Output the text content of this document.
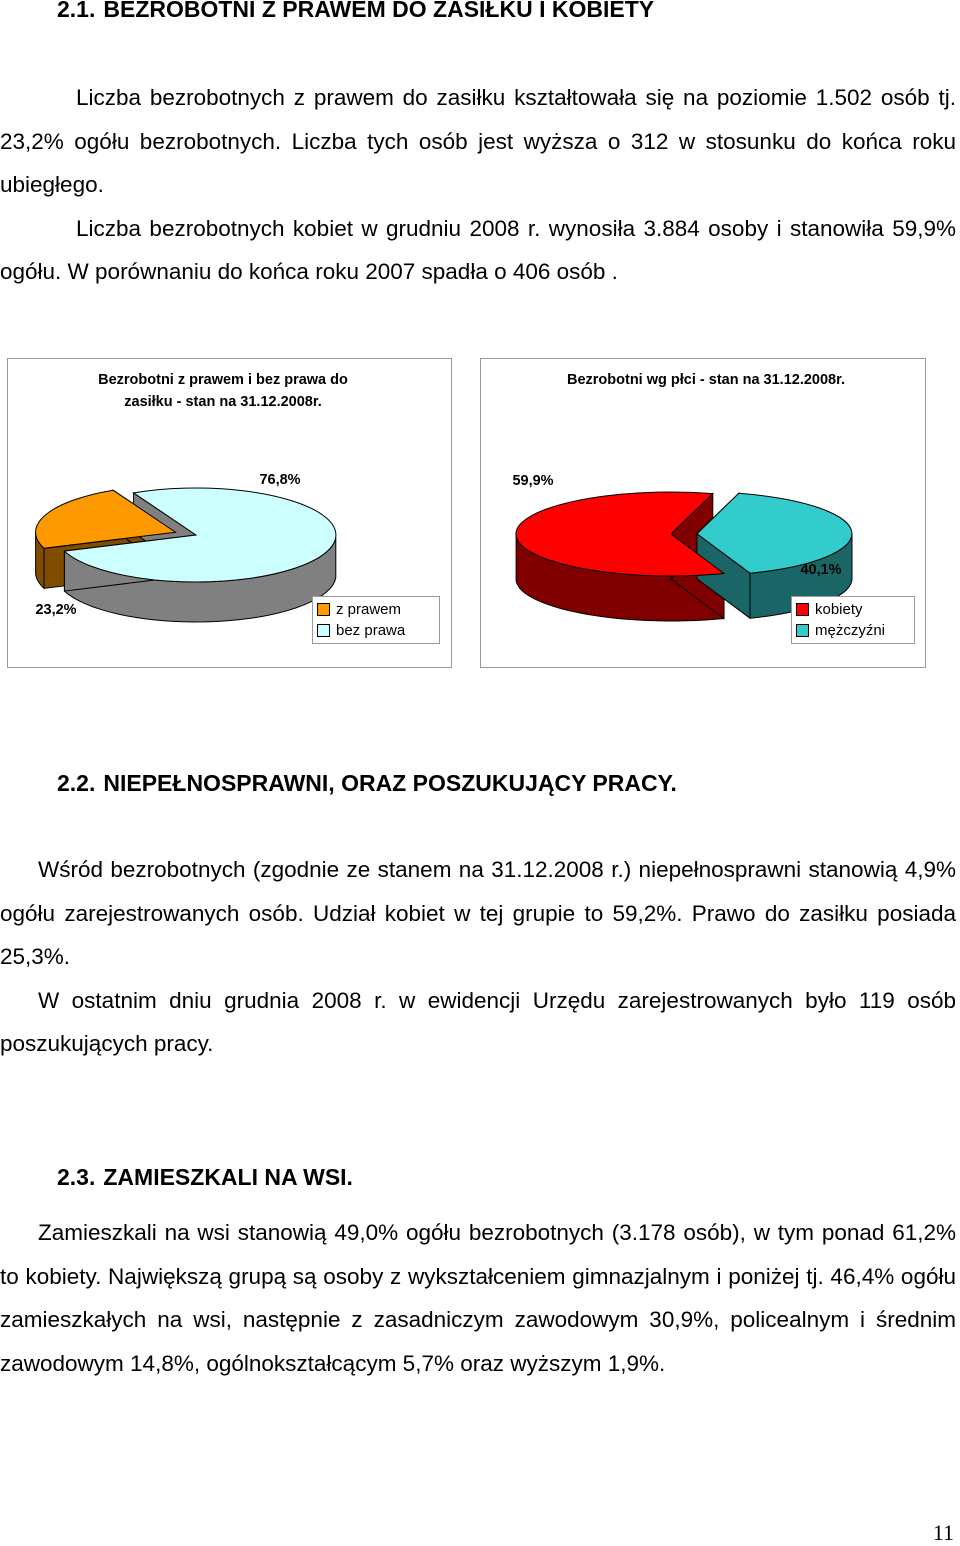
2.1. BEZROBOTNI Z PRAWEM DO ZASIŁKU I KOBIETY

Liczba bezrobotnych z prawem do zasiłku kształtowała się na poziomie 1.502 osób tj. 23,2% ogółu bezrobotnych. Liczba tych osób jest wyższa o 312 w stosunku do końca roku ubiegłego.

Liczba bezrobotnych kobiet w grudniu 2008 r. wynosiła 3.884 osoby i stanowiła 59,9% ogółu. W porównaniu do końca roku 2007 spadła o 406 osób .

Bezrobotni z prawem i bez prawa do
zasiłku - stan na 31.12.2008r.
23,2%
76,8%
z prawem
bez prawa
Bezrobotni wg płci - stan na 31.12.2008r.
59,9%
40,1%
kobiety
mężczyźni
2.2. NIEPEŁNOSPRAWNI, ORAZ POSZUKUJĄCY PRACY.

Wśród bezrobotnych (zgodnie ze stanem na 31.12.2008 r.) niepełnosprawni stanowią 4,9% ogółu zarejestrowanych osób. Udział kobiet w tej grupie to 59,2%. Prawo do zasiłku posiada 25,3%.

W ostatnim dniu grudnia 2008 r. w ewidencji Urzędu zarejestrowanych było 119 osób poszukujących pracy.

2.3. ZAMIESZKALI NA WSI.

Zamieszkali na wsi stanowią 49,0% ogółu bezrobotnych (3.178 osób), w tym ponad 61,2% to kobiety. Największą grupą są osoby z wykształceniem gimnazjalnym i poniżej tj. 46,4% ogółu zamieszkałych na wsi, następnie z zasadniczym zawodowym 30,9%, policealnym i średnim zawodowym 14,8%, ogólnokształcącym 5,7% oraz wyższym 1,9%.

11
